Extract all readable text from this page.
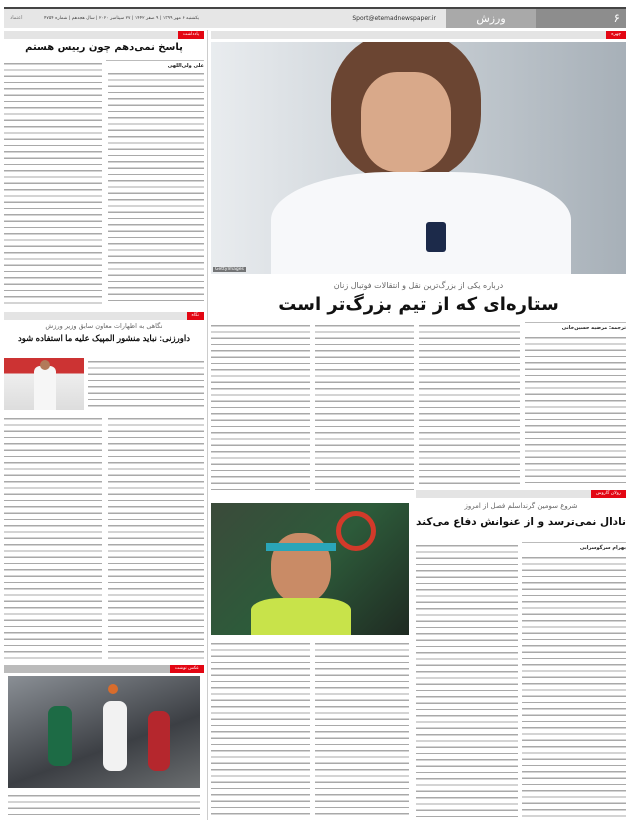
۶
ورزش
Sport@etemadnewspaper.ir
یکشنبه ۶ مهر ۱۳۹۹ | ۹ صفر ۱۴۴۲ | ۲۷ سپتامبر ۲۰۲۰ | سال هجدهم | شماره ۴۷۵۴
اعتماد
یادداشت
پاسخ نمی‌دهم چون رییس هستم
علی ولی‌اللهی
نگاه
نگاهی به اظهارات معاون سابق وزیر ورزش
داورزنی: نباید منشور المپیک علیه ما استفاده شود
عکس نوشت
چهره
GettyImages
درباره یکی از بزرگ‌ترین نقل و انتقالات فوتبال زنان
ستاره‌ای که از تیم بزرگ‌تر است
ترجمه: مرضیه حسین‌خانی
رولان گاروس
شروع سومین گرنداسلم فصل از امروز
نادال نمی‌ترسد و از عنوانش دفاع می‌کند
بهرام سرگوسرایی
